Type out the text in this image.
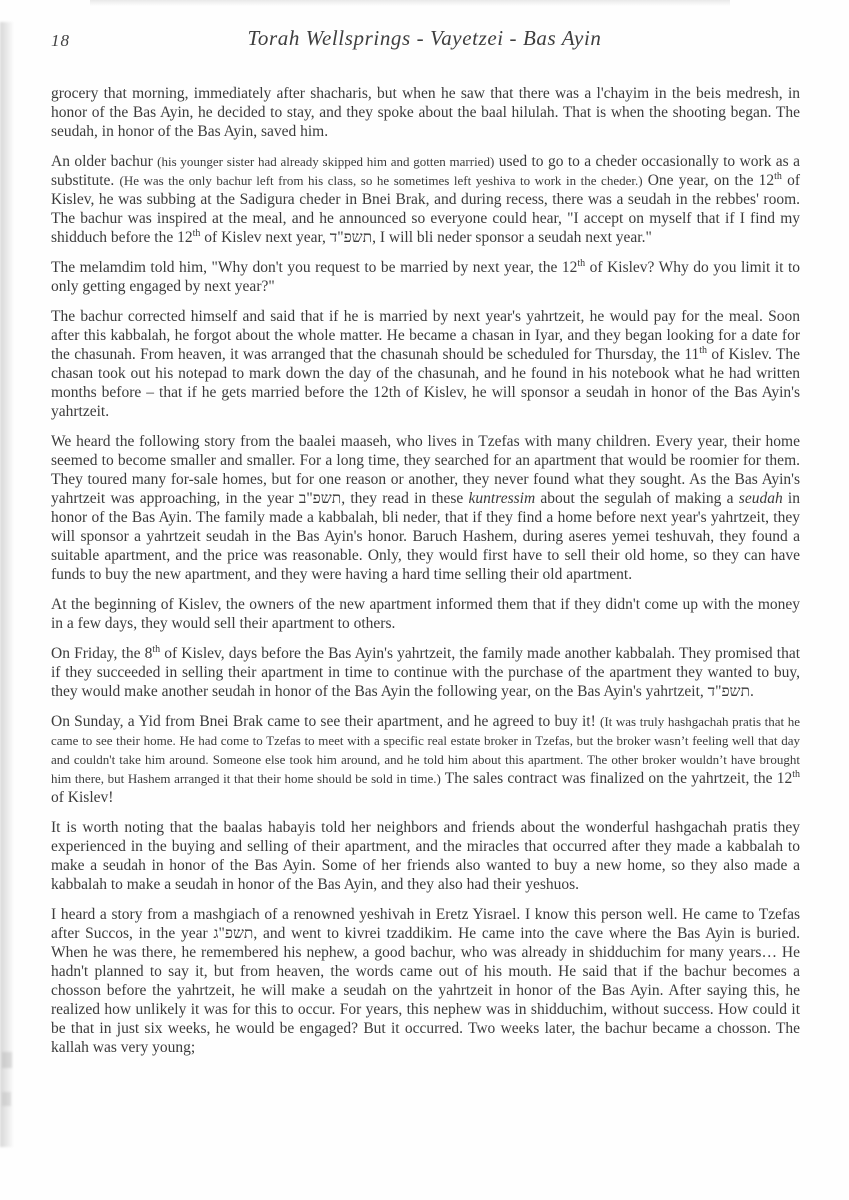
18	Torah Wellsprings - Vayetzei - Bas Ayin

grocery that morning, immediately after shacharis, but when he saw that there was a l'chayim in the beis medresh, in honor of the Bas Ayin, he decided to stay, and they spoke about the baal hilulah. That is when the shooting began. The seudah, in honor of the Bas Ayin, saved him.

An older bachur (his younger sister had already skipped him and gotten married) used to go to a cheder occasionally to work as a substitute. (He was the only bachur left from his class, so he sometimes left yeshiva to work in the cheder.) One year, on the 12th of Kislev, he was subbing at the Sadigura cheder in Bnei Brak, and during recess, there was a seudah in the rebbes' room. The bachur was inspired at the meal, and he announced so everyone could hear, "I accept on myself that if I find my shidduch before the 12th of Kislev next year, תשפ"ד, I will bli neder sponsor a seudah next year."

The melamdim told him, "Why don't you request to be married by next year, the 12th of Kislev? Why do you limit it to only getting engaged by next year?"

The bachur corrected himself and said that if he is married by next year's yahrtzeit, he would pay for the meal. Soon after this kabbalah, he forgot about the whole matter. He became a chasan in Iyar, and they began looking for a date for the chasunah. From heaven, it was arranged that the chasunah should be scheduled for Thursday, the 11th of Kislev. The chasan took out his notepad to mark down the day of the chasunah, and he found in his notebook what he had written months before – that if he gets married before the 12th of Kislev, he will sponsor a seudah in honor of the Bas Ayin's yahrtzeit.

We heard the following story from the baalei maaseh, who lives in Tzefas with many children. Every year, their home seemed to become smaller and smaller. For a long time, they searched for an apartment that would be roomier for them. They toured many for-sale homes, but for one reason or another, they never found what they sought. As the Bas Ayin's yahrtzeit was approaching, in the year תשפ"ב, they read in these kuntressim about the segulah of making a seudah in honor of the Bas Ayin. The family made a kabbalah, bli neder, that if they find a home before next year's yahrtzeit, they will sponsor a yahrtzeit seudah in the Bas Ayin's honor. Baruch Hashem, during aseres yemei teshuvah, they found a suitable apartment, and the price was reasonable. Only, they would first have to sell their old home, so they can have funds to buy the new apartment, and they were having a hard time selling their old apartment.

At the beginning of Kislev, the owners of the new apartment informed them that if they didn't come up with the money in a few days, they would sell their apartment to others.

On Friday, the 8th of Kislev, days before the Bas Ayin's yahrtzeit, the family made another kabbalah. They promised that if they succeeded in selling their apartment in time to continue with the purchase of the apartment they wanted to buy, they would make another seudah in honor of the Bas Ayin the following year, on the Bas Ayin's yahrtzeit, תשפ"ד.

On Sunday, a Yid from Bnei Brak came to see their apartment, and he agreed to buy it! (It was truly hashgachah pratis that he came to see their home. He had come to Tzefas to meet with a specific real estate broker in Tzefas, but the broker wasn’t feeling well that day and couldn't take him around. Someone else took him around, and he told him about this apartment. The other broker wouldn’t have brought him there, but Hashem arranged it that their home should be sold in time.) The sales contract was finalized on the yahrtzeit, the 12th of Kislev!

It is worth noting that the baalas habayis told her neighbors and friends about the wonderful hashgachah pratis they experienced in the buying and selling of their apartment, and the miracles that occurred after they made a kabbalah to make a seudah in honor of the Bas Ayin. Some of her friends also wanted to buy a new home, so they also made a kabbalah to make a seudah in honor of the Bas Ayin, and they also had their yeshuos.

I heard a story from a mashgiach of a renowned yeshivah in Eretz Yisrael. I know this person well. He came to Tzefas after Succos, in the year תשפ"ג, and went to kivrei tzaddikim. He came into the cave where the Bas Ayin is buried. When he was there, he remembered his nephew, a good bachur, who was already in shidduchim for many years… He hadn't planned to say it, but from heaven, the words came out of his mouth. He said that if the bachur becomes a chosson before the yahrtzeit, he will make a seudah on the yahrtzeit in honor of the Bas Ayin. After saying this, he realized how unlikely it was for this to occur. For years, this nephew was in shidduchim, without success. How could it be that in just six weeks, he would be engaged? But it occurred. Two weeks later, the bachur became a chosson. The kallah was very young;
